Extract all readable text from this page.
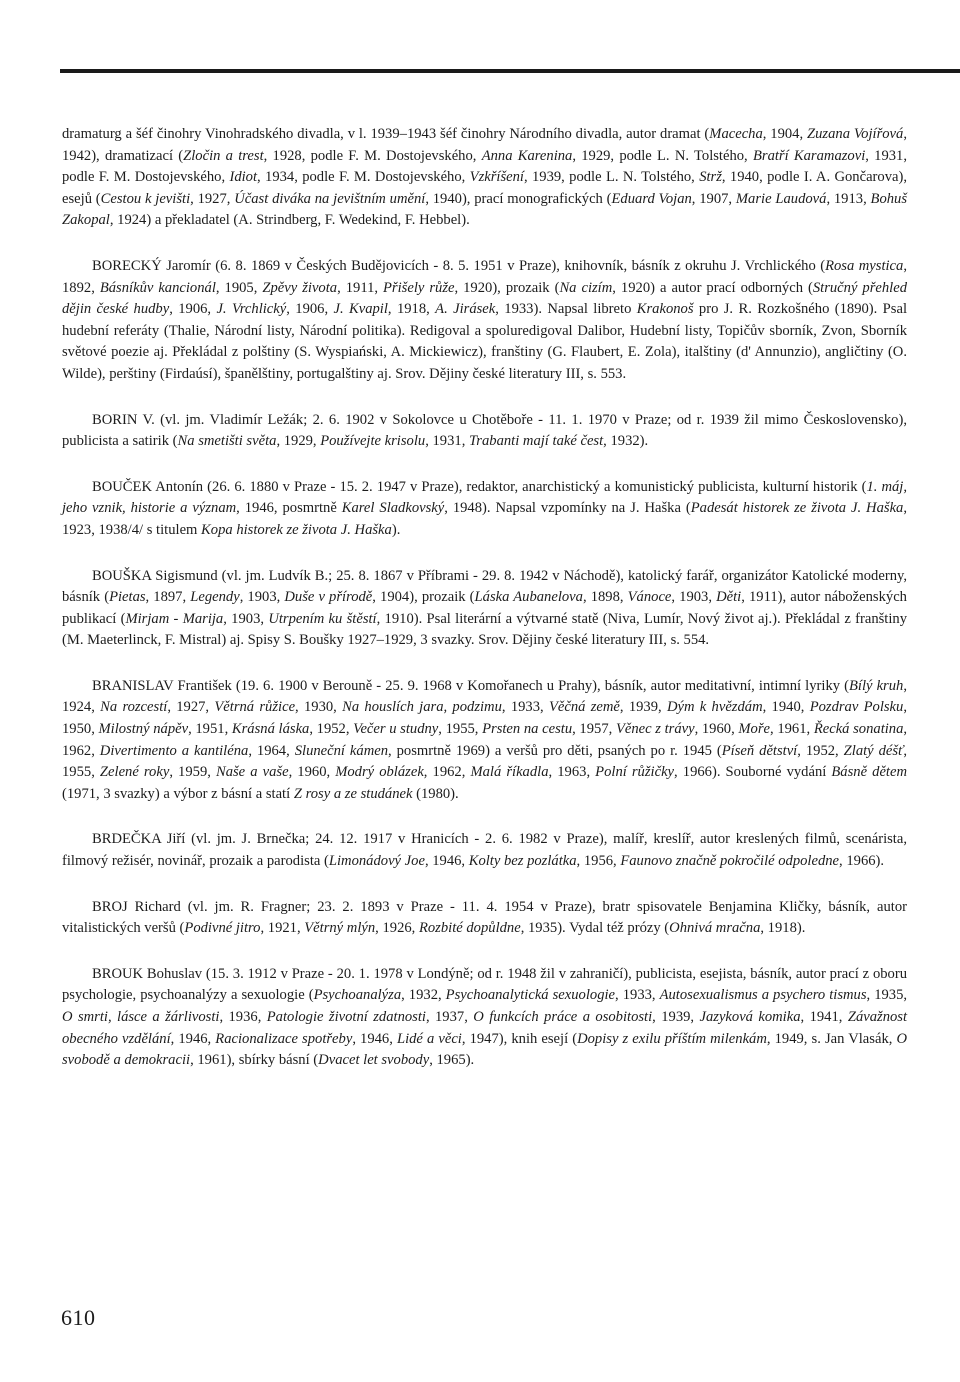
dramaturg a šéf činohry Vinohradského divadla, v l. 1939–1943 šéf činohry Národního divadla, autor dramat (Macecha, 1904, Zuzana Vojířová, 1942), dramatizací (Zločin a trest, 1928, podle F. M. Dostojevského, Anna Karenina, 1929, podle L. N. Tolstého, Bratří Karamazovi, 1931, podle F. M. Dostojevského, Idiot, 1934, podle F. M. Dostojevského, Vzkříšení, 1939, podle L. N. Tolstého, Strž, 1940, podle I. A. Gončarova), esejů (Cestou k jevišti, 1927, Účast diváka na jevištním umění, 1940), prací monografických (Eduard Vojan, 1907, Marie Laudová, 1913, Bohuš Zakopal, 1924) a překladatel (A. Strindberg, F. Wedekind, F. Hebbel).

BORECKÝ Jaromír (6. 8. 1869 v Českých Budějovicích - 8. 5. 1951 v Praze), knihovník, básník z okruhu J. Vrchlického (Rosa mystica, 1892, Básníkův kancionál, 1905, Zpěvy života, 1911, Přišely růže, 1920), prozaik (Na cizím, 1920) a autor prací odborných (Stručný přehled dějin české hudby, 1906, J. Vrchlický, 1906, J. Kvapil, 1918, A. Jirásek, 1933). Napsal libreto Krakonoš pro J. R. Rozkošného (1890). Psal hudební referáty (Thalie, Národní listy, Národní politika). Redigoval a spoluredigoval Dalibor, Hudební listy, Topičův sborník, Zvon, Sborník světové poezie aj. Překládal z polštiny (S. Wyspiański, A. Mickiewicz), franštiny (G. Flaubert, E. Zola), italštiny (d' Annunzio), angličtiny (O. Wilde), perštiny (Firdaúsí), španělštiny, portugalštiny aj. Srov. Dějiny české literatury III, s. 553.

BORIN V. (vl. jm. Vladimír Ležák; 2. 6. 1902 v Sokolovce u Chotěboře - 11. 1. 1970 v Praze; od r. 1939 žil mimo Československo), publicista a satirik (Na smetišti světa, 1929, Používejte krisolu, 1931, Trabanti mají také čest, 1932).

BOUČEK Antonín (26. 6. 1880 v Praze - 15. 2. 1947 v Praze), redaktor, anarchistický a komunistický publicista, kulturní historik (1. máj, jeho vznik, historie a význam, 1946, posmrtně Karel Sladkovský, 1948). Napsal vzpomínky na J. Haška (Padesát historek ze života J. Haška, 1923, 1938/4/ s titulem Kopa historek ze života J. Haška).

BOUŠKA Sigismund (vl. jm. Ludvík B.; 25. 8. 1867 v Příbrami - 29. 8. 1942 v Náchodě), katolický farář, organizátor Katolické moderny, básník (Pietas, 1897, Legendy, 1903, Duše v přírodě, 1904), prozaik (Láska Aubanelova, 1898, Vánoce, 1903, Děti, 1911), autor náboženských publikací (Mirjam - Marija, 1903, Utrpením ku štěstí, 1910). Psal literární a výtvarné statě (Niva, Lumír, Nový život aj.). Překládal z franštiny (M. Maeterlinck, F. Mistral) aj. Spisy S. Boušky 1927–1929, 3 svazky. Srov. Dějiny české literatury III, s. 554.

BRANISLAV František (19. 6. 1900 v Berouně - 25. 9. 1968 v Komořanech u Prahy), básník, autor meditativní, intimní lyriky (Bílý kruh, 1924, Na rozcestí, 1927, Větrná růžice, 1930, Na houslích jara, podzimu, 1933, Věčná země, 1939, Dým k hvězdám, 1940, Pozdrav Polsku, 1950, Milostný nápěv, 1951, Krásná láska, 1952, Večer u studny, 1955, Prsten na cestu, 1957, Věnec z trávy, 1960, Moře, 1961, Řecká sonatina, 1962, Divertimento a kantiléna, 1964, Sluneční kámen, posmrtně 1969) a veršů pro děti, psaných po r. 1945 (Píseň dětství, 1952, Zlatý déšť, 1955, Zelené roky, 1959, Naše a vaše, 1960, Modrý oblázek, 1962, Malá říkadla, 1963, Polní růžičky, 1966). Souborné vydání Básně dětem (1971, 3 svazky) a výbor z básní a statí Z rosy a ze studánek (1980).

BRDEČKA Jiří (vl. jm. J. Brnečka; 24. 12. 1917 v Hranicích - 2. 6. 1982 v Praze), malíř, kreslíř, autor kreslených filmů, scenárista, filmový režisér, novinář, prozaik a parodista (Limonádový Joe, 1946, Kolty bez pozlátka, 1956, Faunovo značně pokročilé odpoledne, 1966).

BROJ Richard (vl. jm. R. Fragner; 23. 2. 1893 v Praze - 11. 4. 1954 v Praze), bratr spisovatele Benjamina Kličky, básník, autor vitalistických veršů (Podivné jitro, 1921, Větrný mlýn, 1926, Rozbité dopůldne, 1935). Vydal též prózy (Ohnivá mračna, 1918).

BROUK Bohuslav (15. 3. 1912 v Praze - 20. 1. 1978 v Londýně; od r. 1948 žil v zahraničí), publicista, esejista, básník, autor prací z oboru psychologie, psychoanalýzy a sexuologie (Psychoanalýza, 1932, Psychoanalytická sexuologie, 1933, Autosexualismus a psychero tismus, 1935, O smrti, lásce a žárlivosti, 1936, Patologie životní zdatnosti, 1937, O funkcích práce a osobitosti, 1939, Jazyková komika, 1941, Závažnost obecného vzdělání, 1946, Racionalizace spotřeby, 1946, Lidé a věci, 1947), knih esejí (Dopisy z exilu příštím milenkám, 1949, s. Jan Vlasák, O svobodě a demokracii, 1961), sbírky básní (Dvacet let svobody, 1965).

610
